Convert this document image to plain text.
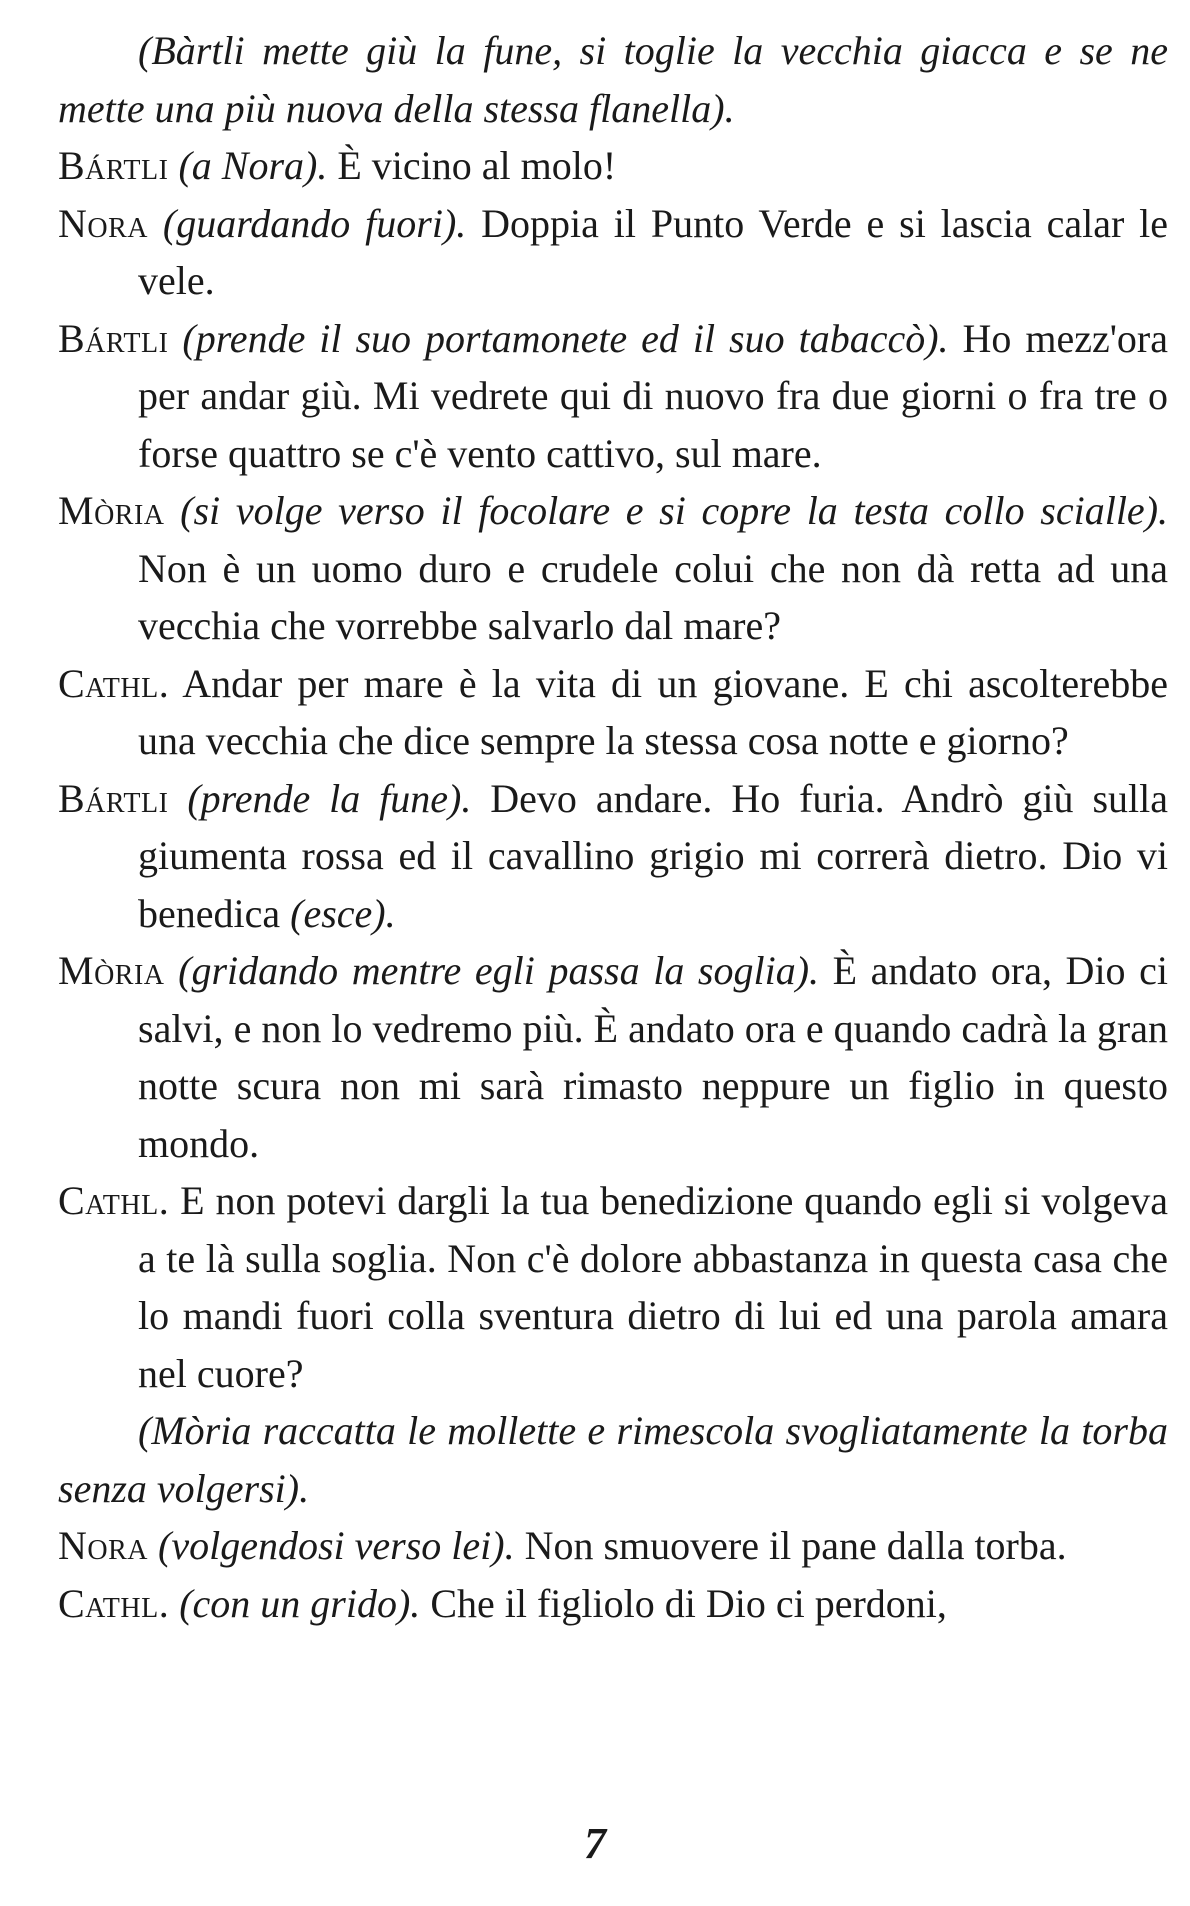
(Bàrtli mette giù la fune, si toglie la vecchia giacca e se ne mette una più nuova della stessa flanella).

Bártli (a Nora). È vicino al molo!

Nora (guardando fuori). Doppia il Punto Verde e si lascia calar le vele.

Bártli (prende il suo portamonete ed il suo tabaccò). Ho mezz'ora per andar giù. Mi vedrete qui di nuovo fra due giorni o fra tre o forse quattro se c'è vento cattivo, sul mare.

Mòria (si volge verso il focolare e si copre la testa collo scialle). Non è un uomo duro e crudele colui che non dà retta ad una vecchia che vorrebbe salvarlo dal mare?

Cathl. Andar per mare è la vita di un giovane. E chi ascolterebbe una vecchia che dice sempre la stessa cosa notte e giorno?

Bártli (prende la fune). Devo andare. Ho furia. Andrò giù sulla giumenta rossa ed il cavallino grigio mi correrà dietro. Dio vi benedica (esce).

Mòria (gridando mentre egli passa la soglia). È andato ora, Dio ci salvi, e non lo vedremo più. È andato ora e quando cadrà la gran notte scura non mi sarà rimasto neppure un figlio in questo mondo.

Cathl. E non potevi dargli la tua benedizione quando egli si volgeva a te là sulla soglia. Non c'è dolore abbastanza in questa casa che lo mandi fuori colla sventura dietro di lui ed una parola amara nel cuore?

(Mòria raccatta le mollette e rimescola svogliatamente la torba senza volgersi).

Nora (volgendosi verso lei). Non smuovere il pane dalla torba.

Cathl. (con un grido). Che il figliolo di Dio ci perdoni,

7
